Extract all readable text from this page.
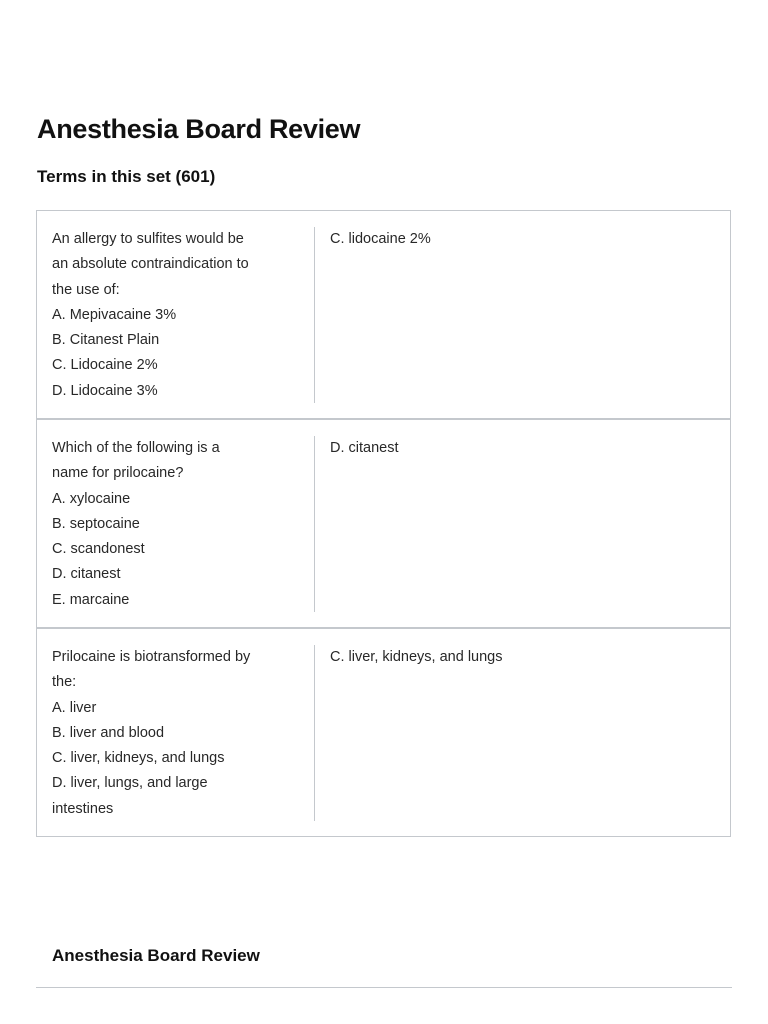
Anesthesia Board Review
Terms in this set (601)
An allergy to sulfites would be
an absolute contraindication to
the use of:
A. Mepivacaine 3%
B. Citanest Plain
C. Lidocaine 2%
D. Lidocaine 3%
C. lidocaine 2%
Which of the following is a
name for prilocaine?
A. xylocaine
B. septocaine
C. scandonest
D. citanest
E. marcaine
D. citanest
Prilocaine is biotransformed by
the:
A. liver
B. liver and blood
C. liver, kidneys, and lungs
D. liver, lungs, and large
intestines
C. liver, kidneys, and lungs
Anesthesia Board Review
